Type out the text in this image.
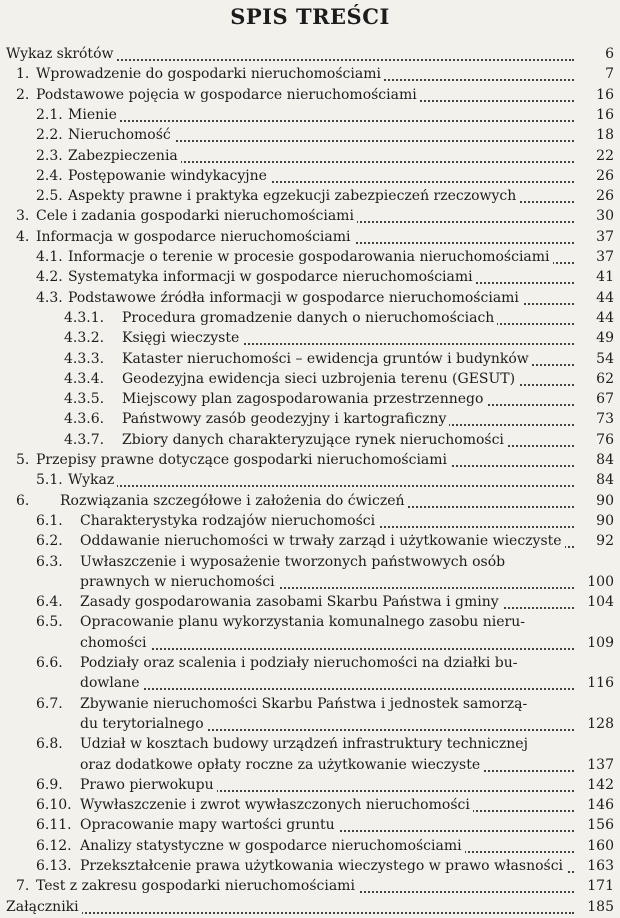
SPIS TREŚCI
Wykaz skrótów	6
1. Wprowadzenie do gospodarki nieruchomościami	7
2. Podstawowe pojęcia w gospodarce nieruchomościami	16
2.1. Mienie	16
2.2. Nieruchomość	18
2.3. Zabezpieczenia	22
2.4. Postępowanie windykacyjne	26
2.5. Aspekty prawne i praktyka egzekucji zabezpieczeń rzeczowych	26
3. Cele i zadania gospodarki nieruchomościami	30
4. Informacja w gospodarce nieruchomościami	37
4.1. Informacje o terenie w procesie gospodarowania nieruchomościami	37
4.2. Systematyka informacji w gospodarce nieruchomościami	41
4.3. Podstawowe źródła informacji w gospodarce nieruchomościami	44
4.3.1. Procedura gromadzenie danych o nieruchomościach	44
4.3.2. Księgi wieczyste	49
4.3.3. Kataster nieruchomości – ewidencja gruntów i budynków	54
4.3.4. Geodezyjna ewidencja sieci uzbrojenia terenu (GESUT)	62
4.3.5. Miejscowy plan zagospodarowania przestrzennego	67
4.3.6. Państwowy zasób geodezyjny i kartograficzny	73
4.3.7. Zbiory danych charakteryzujące rynek nieruchomości	76
5. Przepisy prawne dotyczące gospodarki nieruchomościami	84
5.1. Wykaz	84
6. Rozwiązania szczegółowe i założenia do ćwiczeń	90
6.1. Charakterystyka rodzajów nieruchomości	90
6.2. Oddawanie nieruchomości w trwały zarząd i użytkowanie wieczyste	92
6.3. Uwłaszczenie i wyposażenie tworzonych państwowych osób
prawnych w nieruchomości	100
6.4. Zasady gospodarowania zasobami Skarbu Państwa i gminy	104
6.5. Opracowanie planu wykorzystania komunalnego zasobu nieru-
chomości	109
6.6. Podziały oraz scalenia i podziały nieruchomości na działki bu-
dowlane	116
6.7. Zbywanie nieruchomości Skarbu Państwa i jednostek samorzą-
du terytorialnego	128
6.8. Udział w kosztach budowy urządzeń infrastruktury technicznej
oraz dodatkowe opłaty roczne za użytkowanie wieczyste	137
6.9. Prawo pierwokupu	142
6.10. Wywłaszczenie i zwrot wywłaszczonych nieruchomości	146
6.11. Opracowanie mapy wartości gruntu	156
6.12. Analizy statystyczne w gospodarce nieruchomościami	160
6.13. Przekształcenie prawa użytkowania wieczystego w prawo własności	163
7. Test z zakresu gospodarki nieruchomościami	171
Załączniki	185
